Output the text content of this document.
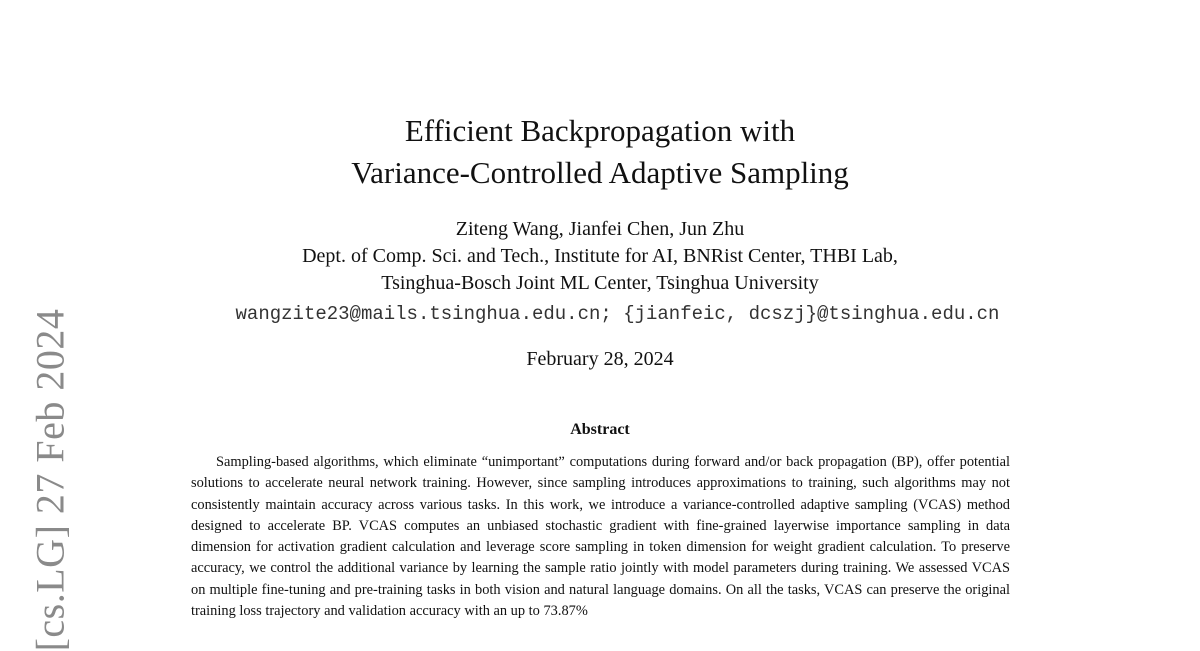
[cs.LG] 27 Feb 2024
Efficient Backpropagation with
Variance-Controlled Adaptive Sampling
Ziteng Wang, Jianfei Chen, Jun Zhu
Dept. of Comp. Sci. and Tech., Institute for AI, BNRist Center, THBI Lab,
Tsinghua-Bosch Joint ML Center, Tsinghua University
wangzite23@mails.tsinghua.edu.cn; {jianfeic, dcszj}@tsinghua.edu.cn
February 28, 2024
Abstract

Sampling-based algorithms, which eliminate “unimportant” computations during forward and/or back propagation (BP), offer potential solutions to accelerate neural network training. However, since sampling introduces approximations to training, such algorithms may not consistently maintain accuracy across various tasks. In this work, we introduce a variance-controlled adaptive sampling (VCAS) method designed to accelerate BP. VCAS computes an unbiased stochastic gradient with fine-grained layerwise importance sampling in data dimension for activation gradient calculation and leverage score sampling in token dimension for weight gradient calculation. To preserve accuracy, we control the additional variance by learning the sample ratio jointly with model parameters during training. We assessed VCAS on multiple fine-tuning and pre-training tasks in both vision and natural language domains. On all the tasks, VCAS can preserve the original training loss trajectory and validation accuracy with an up to 73.87%
